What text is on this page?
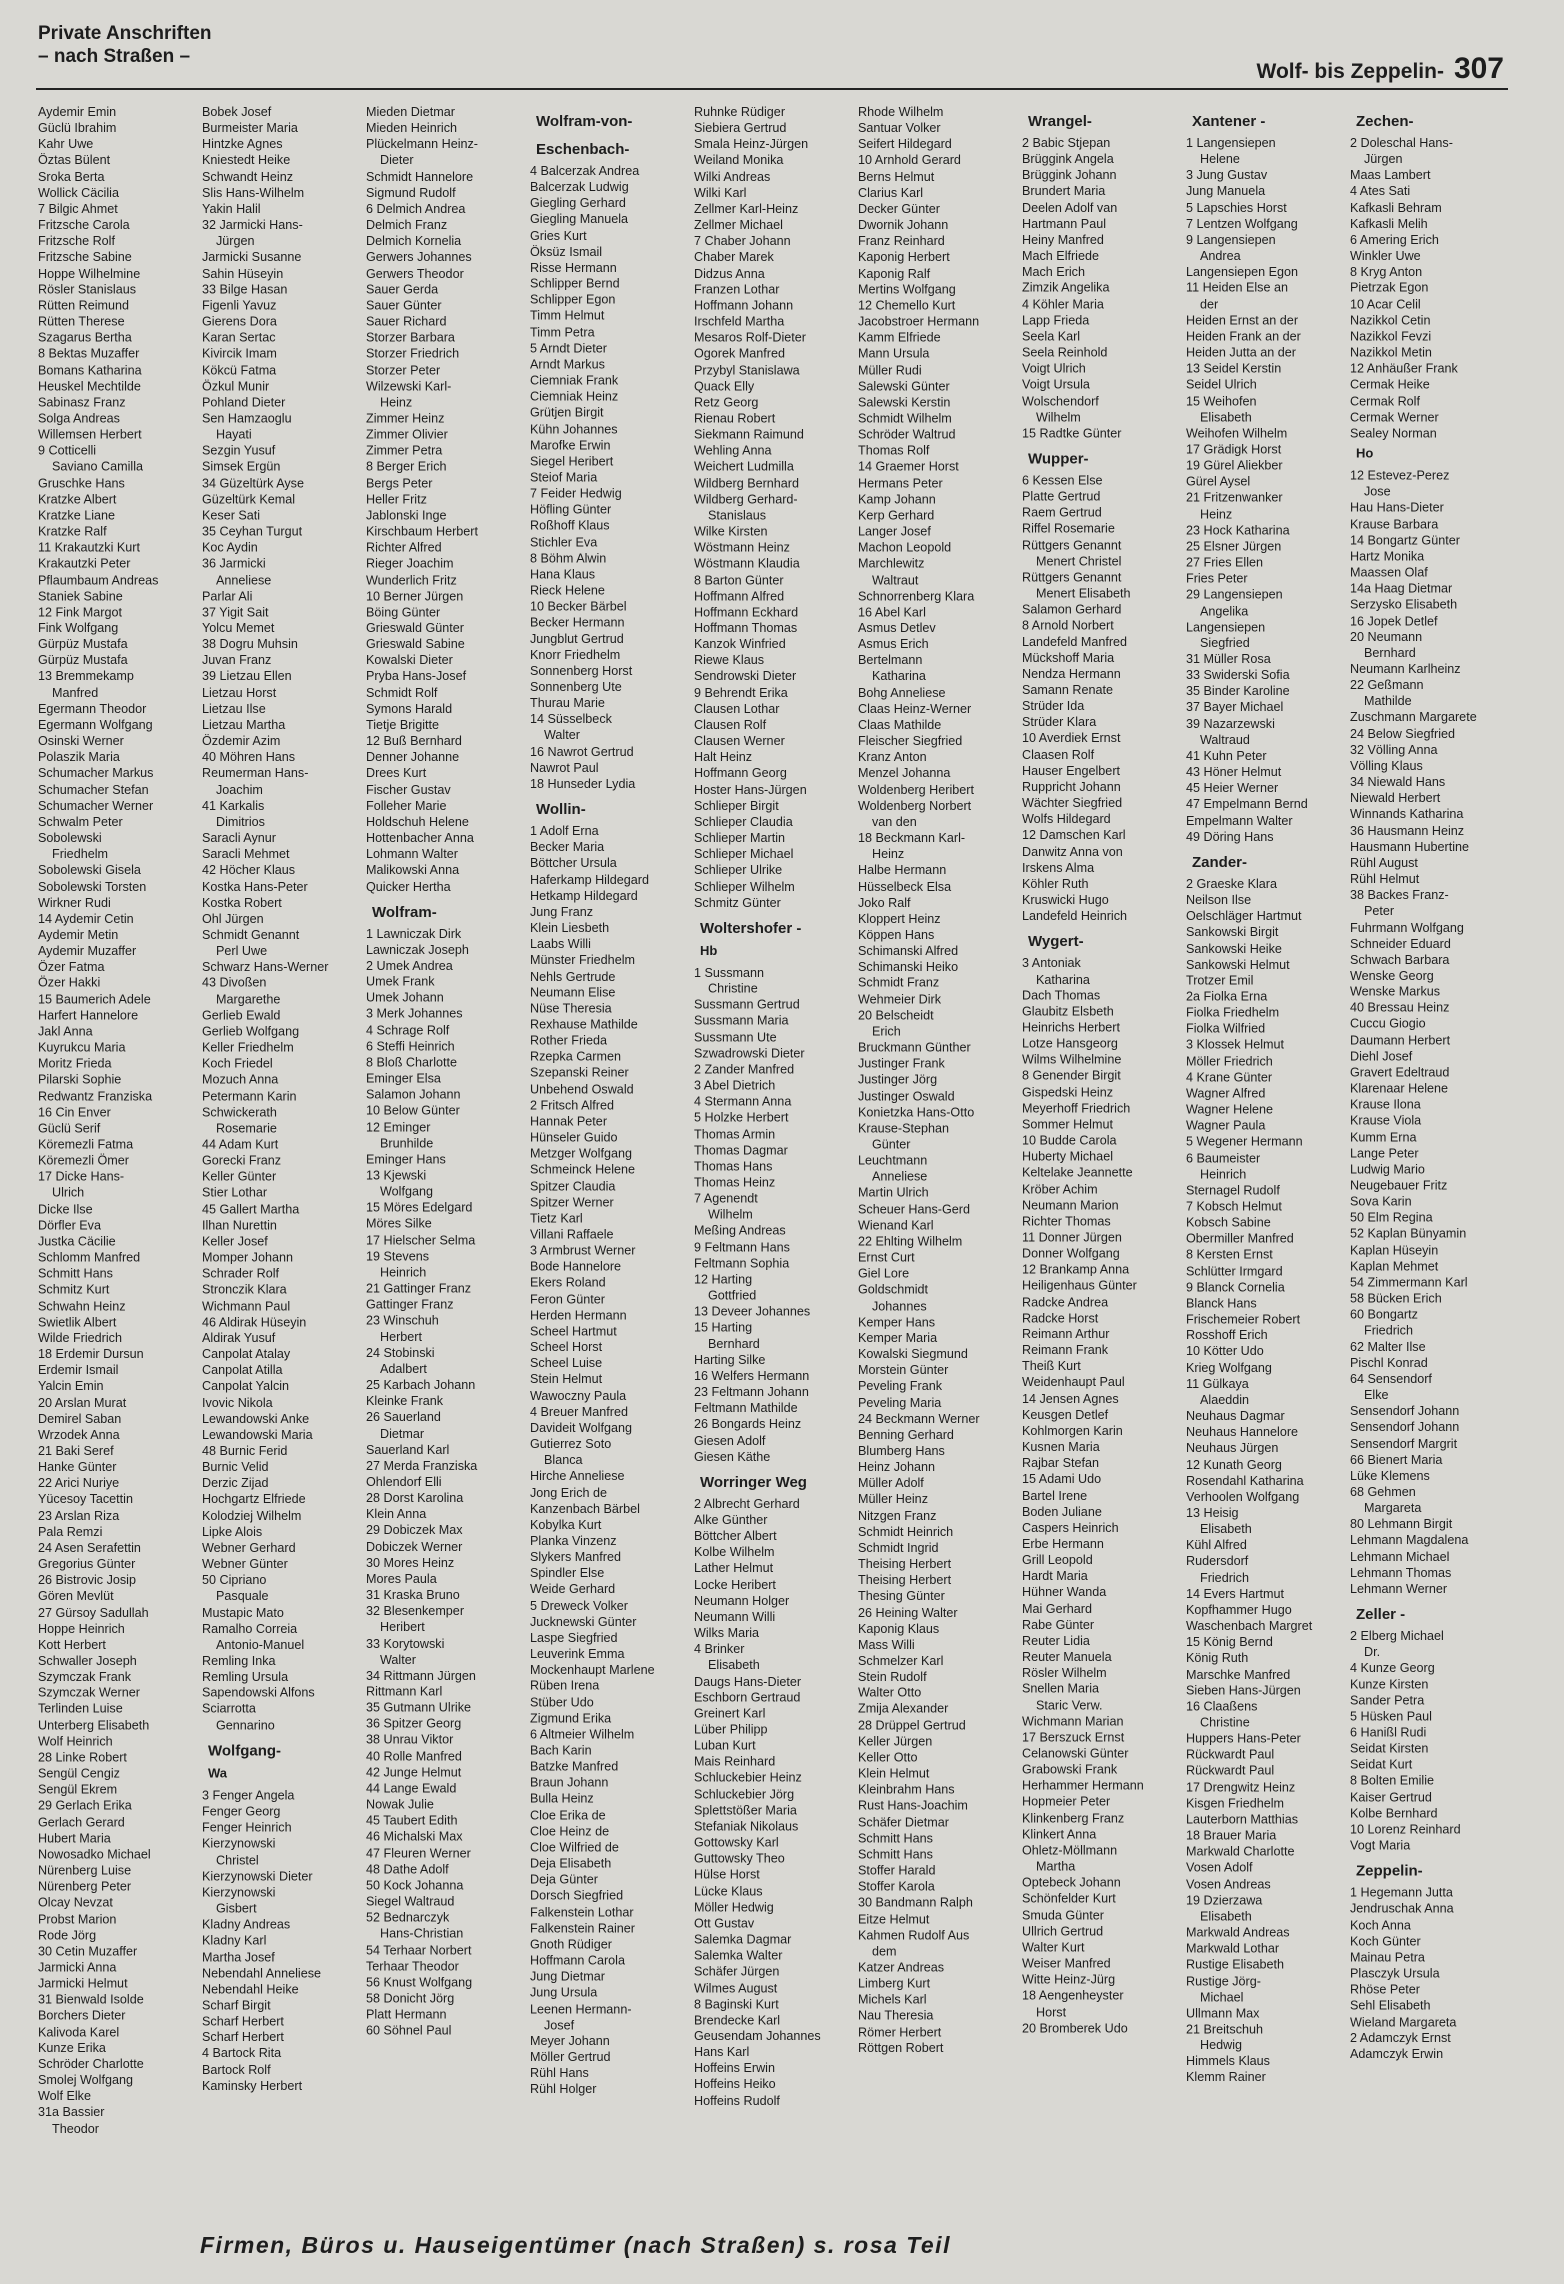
Private Anschriften
– nach Straßen –
Wolf- bis Zeppelin- 307
Aydemir Emin
Güclü Ibrahim
Kahr Uwe
Öztas Bülent
Sroka Berta
Wollick Cäcilia
7 Bilgic Ahmet
Fritzsche Carola
Fritzsche Rolf
Fritzsche Sabine
Hoppe Wilhelmine
Rösler Stanislaus
Rütten Reimund
Rütten Therese
Szagarus Bertha
8 Bektas Muzaffer
Bomans Katharina
Heuskel Mechtilde
Sabinasz Franz
Solga Andreas
Willemsen Herbert
9 Cotticelli
Saviano Camilla
Gruschke Hans
Kratzke Albert
Kratzke Liane
Kratzke Ralf
11 Krakautzki Kurt
Krakautzki Peter
Pflaumbaum Andreas
Staniek Sabine
12 Fink Margot
Fink Wolfgang
Gürpüz Mustafa
Gürpüz Mustafa
13 Bremmekamp
Manfred
Egermann Theodor
Egermann Wolfgang
Osinski Werner
Polaszik Maria
Schumacher Markus
Schumacher Stefan
Schumacher Werner
Schwalm Peter
Sobolewski
Friedhelm
Sobolewski Gisela
Sobolewski Torsten
Wirkner Rudi
14 Aydemir Cetin
Aydemir Metin
Aydemir Muzaffer
Özer Fatma
Özer Hakki
15 Baumerich Adele
Harfert Hannelore
Jakl Anna
Kuyrukcu Maria
Moritz Frieda
Pilarski Sophie
Redwantz Franziska
16 Cin Enver
Güclü Serif
Köremezli Fatma
Köremezli Ömer
17 Dicke Hans-
Ulrich
Dicke Ilse
Dörfler Eva
Justka Cäcilie
Schlomm Manfred
Schmitt Hans
Schmitz Kurt
Schwahn Heinz
Swietlik Albert
Wilde Friedrich
18 Erdemir Dursun
Erdemir Ismail
Yalcin Emin
20 Arslan Murat
Demirel Saban
Wrzodek Anna
21 Baki Seref
Hanke Günter
22 Arici Nuriye
Yücesoy Tacettin
23 Arslan Riza
Pala Remzi
24 Asen Serafettin
Gregorius Günter
26 Bistrovic Josip
Gören Mevlüt
27 Gürsoy Sadullah
Hoppe Heinrich
Kott Herbert
Schwaller Joseph
Szymczak Frank
Szymczak Werner
Terlinden Luise
Unterberg Elisabeth
Wolf Heinrich
28 Linke Robert
Sengül Cengiz
Sengül Ekrem
29 Gerlach Erika
Gerlach Gerard
Hubert Maria
Nowosadko Michael
Nürenberg Luise
Nürenberg Peter
Olcay Nevzat
Probst Marion
Rode Jörg
30 Cetin Muzaffer
Jarmicki Anna
Jarmicki Helmut
31 Bienwald Isolde
Borchers Dieter
Kalivoda Karel
Kunze Erika
Schröder Charlotte
Smolej Wolfgang
Wolf Elke
31a Bassier
Theodor
Bobek Josef
Burmeister Maria
Hintzke Agnes
Kniestedt Heike
Schwandt Heinz
Slis Hans-Wilhelm
Yakin Halil
32 Jarmicki Hans-
Jürgen
Jarmicki Susanne
Sahin Hüseyin
33 Bilge Hasan
Figenli Yavuz
Gierens Dora
Karan Sertac
Kivircik Imam
Kökcü Fatma
Özkul Munir
Pohland Dieter
Sen Hamzaoglu
Hayati
Sezgin Yusuf
Simsek Ergün
34 Güzeltürk Ayse
Güzeltürk Kemal
Keser Sati
35 Ceyhan Turgut
Koc Aydin
36 Jarmicki
Anneliese
Parlar Ali
37 Yigit Sait
Yolcu Memet
38 Dogru Muhsin
Juvan Franz
39 Lietzau Ellen
Lietzau Horst
Lietzau Ilse
Lietzau Martha
Özdemir Azim
40 Möhren Hans
Reumerman Hans-
Joachim
41 Karkalis
Dimitrios
Saracli Aynur
Saracli Mehmet
42 Höcher Klaus
Kostka Hans-Peter
Kostka Robert
Ohl Jürgen
Schmidt Genannt
Perl Uwe
Schwarz Hans-Werner
43 Divoßen
Margarethe
Gerlieb Ewald
Gerlieb Wolfgang
Keller Friedhelm
Koch Friedel
Mozuch Anna
Petermann Karin
Schwickerath
Rosemarie
44 Adam Kurt
Gorecki Franz
Keller Günter
Stier Lothar
45 Gallert Martha
Ilhan Nurettin
Keller Josef
Momper Johann
Schrader Rolf
Stronczik Klara
Wichmann Paul
46 Aldirak Hüseyin
Aldirak Yusuf
Canpolat Atalay
Canpolat Atilla
Canpolat Yalcin
Ivovic Nikola
Lewandowski Anke
Lewandowski Maria
48 Burnic Ferid
Burnic Velid
Derzic Zijad
Hochgartz Elfriede
Kolodziej Wilhelm
Lipke Alois
Webner Gerhard
Webner Günter
50 Cipriano
Pasquale
Mustapic Mato
Ramalho Correia
Antonio-Manuel
Remling Inka
Remling Ursula
Sapendowski Alfons
Sciarrotta
Gennarino
Wolfgang-
Wa
3 Fenger Angela
Fenger Georg
Fenger Heinrich
Kierzynowski
Christel
Kierzynowski Dieter
Kierzynowski
Gisbert
Kladny Andreas
Kladny Karl
Martha Josef
Nebendahl Anneliese
Nebendahl Heike
Scharf Birgit
Scharf Herbert
Scharf Herbert
4 Bartock Rita
Bartock Rolf
Kaminsky Herbert
Mieden Dietmar
Mieden Heinrich
Plückelmann Heinz-
Dieter
Schmidt Hannelore
Sigmund Rudolf
6 Delmich Andrea
Delmich Franz
Delmich Kornelia
Gerwers Johannes
Gerwers Theodor
Sauer Gerda
Sauer Günter
Sauer Richard
Storzer Barbara
Storzer Friedrich
Storzer Peter
Wilzewski Karl-
Heinz
Zimmer Heinz
Zimmer Olivier
Zimmer Petra
8 Berger Erich
Bergs Peter
Heller Fritz
Jablonski Inge
Kirschbaum Herbert
Richter Alfred
Rieger Joachim
Wunderlich Fritz
10 Berner Jürgen
Böing Günter
Grieswald Günter
Grieswald Sabine
Kowalski Dieter
Pryba Hans-Josef
Schmidt Rolf
Symons Harald
Tietje Brigitte
12 Buß Bernhard
Denner Johanne
Drees Kurt
Fischer Gustav
Folleher Marie
Holdschuh Helene
Hottenbacher Anna
Lohmann Walter
Malikowski Anna
Quicker Hertha
Wolfram-
1 Lawniczak Dirk
Lawniczak Joseph
2 Umek Andrea
Umek Frank
Umek Johann
3 Merk Johannes
4 Schrage Rolf
6 Steffi Heinrich
8 Bloß Charlotte
Eminger Elsa
Salamon Johann
10 Below Günter
12 Eminger
Brunhilde
Eminger Hans
13 Kjewski
Wolfgang
15 Möres Edelgard
Möres Silke
17 Hielscher Selma
19 Stevens
Heinrich
21 Gattinger Franz
Gattinger Franz
23 Winschuh
Herbert
24 Stobinski
Adalbert
25 Karbach Johann
Kleinke Frank
26 Sauerland
Dietmar
Sauerland Karl
27 Merda Franziska
Ohlendorf Elli
28 Dorst Karolina
Klein Anna
29 Dobiczek Max
Dobiczek Werner
30 Mores Heinz
Mores Paula
31 Kraska Bruno
32 Blesenkemper
Heribert
33 Korytowski
Walter
34 Rittmann Jürgen
Rittmann Karl
35 Gutmann Ulrike
36 Spitzer Georg
38 Unrau Viktor
40 Rolle Manfred
42 Junge Helmut
44 Lange Ewald
Nowak Julie
45 Taubert Edith
46 Michalski Max
47 Fleuren Werner
48 Dathe Adolf
50 Kock Johanna
Siegel Waltraud
52 Bednarczyk
Hans-Christian
54 Terhaar Norbert
Terhaar Theodor
56 Knust Wolfgang
58 Donicht Jörg
Platt Hermann
60 Söhnel Paul
Wolfram-von-
Eschenbach-
4 Balcerzak Andrea
Balcerzak Ludwig
Giegling Gerhard
Giegling Manuela
Gries Kurt
Öksüz Ismail
Risse Hermann
Schlipper Bernd
Schlipper Egon
Timm Helmut
Timm Petra
5 Arndt Dieter
Arndt Markus
Ciemniak Frank
Ciemniak Heinz
Grütjen Birgit
Kühn Johannes
Marofke Erwin
Siegel Heribert
Steiof Maria
7 Feider Hedwig
Höfling Günter
Roßhoff Klaus
Stichler Eva
8 Böhm Alwin
Hana Klaus
Rieck Helene
10 Becker Bärbel
Becker Hermann
Jungblut Gertrud
Knorr Friedhelm
Sonnenberg Horst
Sonnenberg Ute
Thurau Marie
14 Süsselbeck
Walter
16 Nawrot Gertrud
Nawrot Paul
18 Hunseder Lydia
Wollin-
1 Adolf Erna
Becker Maria
Böttcher Ursula
Haferkamp Hildegard
Hetkamp Hildegard
Jung Franz
Klein Liesbeth
Laabs Willi
Münster Friedhelm
Nehls Gertrude
Neumann Elise
Nüse Theresia
Rexhause Mathilde
Rother Frieda
Rzepka Carmen
Szepanski Reiner
Unbehend Oswald
2 Fritsch Alfred
Hannak Peter
Hünseler Guido
Metzger Wolfgang
Schmeinck Helene
Spitzer Claudia
Spitzer Werner
Tietz Karl
Villani Raffaele
3 Armbrust Werner
Bode Hannelore
Ekers Roland
Feron Günter
Herden Hermann
Scheel Hartmut
Scheel Horst
Scheel Luise
Stein Helmut
Wawoczny Paula
4 Breuer Manfred
Davideit Wolfgang
Gutierrez Soto
Blanca
Hirche Anneliese
Jong Erich de
Kanzenbach Bärbel
Kobylka Kurt
Planka Vinzenz
Slykers Manfred
Spindler Else
Weide Gerhard
5 Dreweck Volker
Jucknewski Günter
Laspe Siegfried
Leuverink Emma
Mockenhaupt Marlene
Rüben Irena
Stüber Udo
Zigmund Erika
6 Altmeier Wilhelm
Bach Karin
Batzke Manfred
Braun Johann
Bulla Heinz
Cloe Erika de
Cloe Heinz de
Cloe Wilfried de
Deja Elisabeth
Deja Günter
Dorsch Siegfried
Falkenstein Lothar
Falkenstein Rainer
Gnoth Rüdiger
Hoffmann Carola
Jung Dietmar
Jung Ursula
Leenen Hermann-
Josef
Meyer Johann
Möller Gertrud
Rühl Hans
Rühl Holger
Ruhnke Rüdiger
Siebiera Gertrud
Smala Heinz-Jürgen
Weiland Monika
Wilki Andreas
Wilki Karl
Zellmer Karl-Heinz
Zellmer Michael
7 Chaber Johann
Chaber Marek
Didzus Anna
Franzen Lothar
Hoffmann Johann
Irschfeld Martha
Mesaros Rolf-Dieter
Ogorek Manfred
Przybyl Stanislawa
Quack Elly
Retz Georg
Rienau Robert
Siekmann Raimund
Wehling Anna
Weichert Ludmilla
Wildberg Bernhard
Wildberg Gerhard-
Stanislaus
Wilke Kirsten
Wöstmann Heinz
Wöstmann Klaudia
8 Barton Günter
Hoffmann Alfred
Hoffmann Eckhard
Hoffmann Thomas
Kanzok Winfried
Riewe Klaus
Sendrowski Dieter
9 Behrendt Erika
Clausen Lothar
Clausen Rolf
Clausen Werner
Halt Heinz
Hoffmann Georg
Hoster Hans-Jürgen
Schlieper Birgit
Schlieper Claudia
Schlieper Martin
Schlieper Michael
Schlieper Ulrike
Schlieper Wilhelm
Schmitz Günter
Woltershofer -
Hb
1 Sussmann
Christine
Sussmann Gertrud
Sussmann Maria
Sussmann Ute
Szwadrowski Dieter
2 Zander Manfred
3 Abel Dietrich
4 Stermann Anna
5 Holzke Herbert
Thomas Armin
Thomas Dagmar
Thomas Hans
Thomas Heinz
7 Agenendt
Wilhelm
Meßing Andreas
9 Feltmann Hans
Feltmann Sophia
12 Harting
Gottfried
13 Deveer Johannes
15 Harting
Bernhard
Harting Silke
16 Welfers Hermann
23 Feltmann Johann
Feltmann Mathilde
26 Bongards Heinz
Giesen Adolf
Giesen Käthe
Worringer Weg
2 Albrecht Gerhard
Alke Günther
Böttcher Albert
Kolbe Wilhelm
Lather Helmut
Locke Heribert
Neumann Holger
Neumann Willi
Wilks Maria
4 Brinker
Elisabeth
Daugs Hans-Dieter
Eschborn Gertraud
Greinert Karl
Lüber Philipp
Luban Kurt
Mais Reinhard
Schluckebier Heinz
Schluckebier Jörg
Splettstößer Maria
Stefaniak Nikolaus
Gottowsky Karl
Guttowsky Theo
Hülse Horst
Lücke Klaus
Möller Hedwig
Ott Gustav
Salemka Dagmar
Salemka Walter
Schäfer Jürgen
Wilmes August
8 Baginski Kurt
Brendecke Karl
Geusendam Johannes
Hans Karl
Hoffeins Erwin
Hoffeins Heiko
Hoffeins Rudolf
Rhode Wilhelm
Santuar Volker
Seifert Hildegard
10 Arnhold Gerard
Berns Helmut
Clarius Karl
Decker Günter
Dwornik Johann
Franz Reinhard
Kaponig Herbert
Kaponig Ralf
Mertins Wolfgang
12 Chemello Kurt
Jacobstroer Hermann
Kamm Elfriede
Mann Ursula
Müller Rudi
Salewski Günter
Salewski Kerstin
Schmidt Wilhelm
Schröder Waltrud
Thomas Rolf
14 Graemer Horst
Hermans Peter
Kamp Johann
Kerp Gerhard
Langer Josef
Machon Leopold
Marchlewitz
Waltraut
Schnorrenberg Klara
16 Abel Karl
Asmus Detlev
Asmus Erich
Bertelmann
Katharina
Bohg Anneliese
Claas Heinz-Werner
Claas Mathilde
Fleischer Siegfried
Kranz Anton
Menzel Johanna
Woldenberg Heribert
Woldenberg Norbert
van den
18 Beckmann Karl-
Heinz
Halbe Hermann
Hüsselbeck Elsa
Joko Ralf
Kloppert Heinz
Köppen Hans
Schimanski Alfred
Schimanski Heiko
Schmidt Franz
Wehmeier Dirk
20 Belscheidt
Erich
Bruckmann Günther
Justinger Frank
Justinger Jörg
Justinger Oswald
Konietzka Hans-Otto
Krause-Stephan
Günter
Leuchtmann
Anneliese
Martin Ulrich
Scheuer Hans-Gerd
Wienand Karl
22 Ehlting Wilhelm
Ernst Curt
Giel Lore
Goldschmidt
Johannes
Kemper Hans
Kemper Maria
Kowalski Siegmund
Morstein Günter
Peveling Frank
Peveling Maria
24 Beckmann Werner
Benning Gerhard
Blumberg Hans
Heinz Johann
Müller Adolf
Müller Heinz
Nitzgen Franz
Schmidt Heinrich
Schmidt Ingrid
Theising Herbert
Theising Herbert
Thesing Günter
26 Heining Walter
Kaponig Klaus
Mass Willi
Schmelzer Karl
Stein Rudolf
Walter Otto
Zmija Alexander
28 Drüppel Gertrud
Keller Jürgen
Keller Otto
Klein Helmut
Kleinbrahm Hans
Rust Hans-Joachim
Schäfer Dietmar
Schmitt Hans
Schmitt Hans
Stoffer Harald
Stoffer Karola
30 Bandmann Ralph
Eitze Helmut
Kahmen Rudolf Aus
dem
Katzer Andreas
Limberg Kurt
Michels Karl
Nau Theresia
Römer Herbert
Röttgen Robert
Wrangel-
2 Babic Stjepan
Brüggink Angela
Brüggink Johann
Brundert Maria
Deelen Adolf van
Hartmann Paul
Heiny Manfred
Mach Elfriede
Mach Erich
Zimzik Angelika
4 Köhler Maria
Lapp Frieda
Seela Karl
Seela Reinhold
Voigt Ulrich
Voigt Ursula
Wolschendorf
Wilhelm
15 Radtke Günter
Wupper-
6 Kessen Else
Platte Gertrud
Raem Gertrud
Riffel Rosemarie
Rüttgers Genannt
Menert Christel
Rüttgers Genannt
Menert Elisabeth
Salamon Gerhard
8 Arnold Norbert
Landefeld Manfred
Mückshoff Maria
Nendza Hermann
Samann Renate
Strüder Ida
Strüder Klara
10 Averdiek Ernst
Claasen Rolf
Hauser Engelbert
Ruppricht Johann
Wächter Siegfried
Wolfs Hildegard
12 Damschen Karl
Danwitz Anna von
Irskens Alma
Köhler Ruth
Kruswicki Hugo
Landefeld Heinrich
Wygert-
3 Antoniak
Katharina
Dach Thomas
Glaubitz Elsbeth
Heinrichs Herbert
Lotze Hansgeorg
Wilms Wilhelmine
8 Genender Birgit
Gispedski Heinz
Meyerhoff Friedrich
Sommer Helmut
10 Budde Carola
Huberty Michael
Keltelake Jeannette
Kröber Achim
Neumann Marion
Richter Thomas
11 Donner Jürgen
Donner Wolfgang
12 Brankamp Anna
Heiligenhaus Günter
Radcke Andrea
Radcke Horst
Reimann Arthur
Reimann Frank
Theiß Kurt
Weidenhaupt Paul
14 Jensen Agnes
Keusgen Detlef
Kohlmorgen Karin
Kusnen Maria
Rajbar Stefan
15 Adami Udo
Bartel Irene
Boden Juliane
Caspers Heinrich
Erbe Hermann
Grill Leopold
Hardt Maria
Hühner Wanda
Mai Gerhard
Rabe Günter
Reuter Lidia
Reuter Manuela
Rösler Wilhelm
Snellen Maria
Staric Verw.
Wichmann Marian
17 Berszuck Ernst
Celanowski Günter
Grabowski Frank
Herhammer Hermann
Hopmeier Peter
Klinkenberg Franz
Klinkert Anna
Ohletz-Möllmann
Martha
Optebeck Johann
Schönfelder Kurt
Smuda Günter
Ullrich Gertrud
Walter Kurt
Weiser Manfred
Witte Heinz-Jürg
18 Aengenheyster
Horst
20 Bromberek Udo
Xantener -
1 Langensiepen
Helene
3 Jung Gustav
Jung Manuela
5 Lapschies Horst
7 Lentzen Wolfgang
9 Langensiepen
Andrea
Langensiepen Egon
11 Heiden Else an
der
Heiden Ernst an der
Heiden Frank an der
Heiden Jutta an der
13 Seidel Kerstin
Seidel Ulrich
15 Weihofen
Elisabeth
Weihofen Wilhelm
17 Grädigk Horst
19 Gürel Aliekber
Gürel Aysel
21 Fritzenwanker
Heinz
23 Hock Katharina
25 Elsner Jürgen
27 Fries Ellen
Fries Peter
29 Langensiepen
Angelika
Langensiepen
Siegfried
31 Müller Rosa
33 Swiderski Sofia
35 Binder Karoline
37 Bayer Michael
39 Nazarzewski
Waltraud
41 Kuhn Peter
43 Höner Helmut
45 Heier Werner
47 Empelmann Bernd
Empelmann Walter
49 Döring Hans
Zander-
2 Graeske Klara
Neilson Ilse
Oelschläger Hartmut
Sankowski Birgit
Sankowski Heike
Sankowski Helmut
Trotzer Emil
2a Fiolka Erna
Fiolka Friedhelm
Fiolka Wilfried
3 Klossek Helmut
Möller Friedrich
4 Krane Günter
Wagner Alfred
Wagner Helene
Wagner Paula
5 Wegener Hermann
6 Baumeister
Heinrich
Sternagel Rudolf
7 Kobsch Helmut
Kobsch Sabine
Obermiller Manfred
8 Kersten Ernst
Schlütter Irmgard
9 Blanck Cornelia
Blanck Hans
Frischemeier Robert
Rosshoff Erich
10 Kötter Udo
Krieg Wolfgang
11 Gülkaya
Alaeddin
Neuhaus Dagmar
Neuhaus Hannelore
Neuhaus Jürgen
12 Kunath Georg
Rosendahl Katharina
Verhoolen Wolfgang
13 Heisig
Elisabeth
Kühl Alfred
Rudersdorf
Friedrich
14 Evers Hartmut
Kopfhammer Hugo
Waschenbach Margret
15 König Bernd
König Ruth
Marschke Manfred
Sieben Hans-Jürgen
16 Claaßens
Christine
Huppers Hans-Peter
Rückwardt Paul
Rückwardt Paul
17 Drengwitz Heinz
Kisgen Friedhelm
Lauterborn Matthias
18 Brauer Maria
Markwald Charlotte
Vosen Adolf
Vosen Andreas
19 Dzierzawa
Elisabeth
Markwald Andreas
Markwald Lothar
Rustige Elisabeth
Rustige Jörg-
Michael
Ullmann Max
21 Breitschuh
Hedwig
Himmels Klaus
Klemm Rainer
Zechen-
2 Doleschal Hans-
Jürgen
Maas Lambert
4 Ates Sati
Kafkasli Behram
Kafkasli Melih
6 Amering Erich
Winkler Uwe
8 Kryg Anton
Pietrzak Egon
10 Acar Celil
Nazikkol Cetin
Nazikkol Fevzi
Nazikkol Metin
12 Anhäußer Frank
Cermak Heike
Cermak Rolf
Cermak Werner
Sealey Norman
Ho
12 Estevez-Perez
Jose
Hau Hans-Dieter
Krause Barbara
14 Bongartz Günter
Hartz Monika
Maassen Olaf
14a Haag Dietmar
Serzysko Elisabeth
16 Jopek Detlef
20 Neumann
Bernhard
Neumann Karlheinz
22 Geßmann
Mathilde
Zuschmann Margarete
24 Below Siegfried
32 Völling Anna
Völling Klaus
34 Niewald Hans
Niewald Herbert
Winnands Katharina
36 Hausmann Heinz
Hausmann Hubertine
Rühl August
Rühl Helmut
38 Backes Franz-
Peter
Fuhrmann Wolfgang
Schneider Eduard
Schwach Barbara
Wenske Georg
Wenske Markus
40 Bressau Heinz
Cuccu Giogio
Daumann Herbert
Diehl Josef
Gravert Edeltraud
Klarenaar Helene
Krause Ilona
Krause Viola
Kumm Erna
Lange Peter
Ludwig Mario
Neugebauer Fritz
Sova Karin
50 Elm Regina
52 Kaplan Bünyamin
Kaplan Hüseyin
Kaplan Mehmet
54 Zimmermann Karl
58 Bücken Erich
60 Bongartz
Friedrich
62 Malter Ilse
Pischl Konrad
64 Sensendorf
Elke
Sensendorf Johann
Sensendorf Johann
Sensendorf Margrit
66 Bienert Maria
Lüke Klemens
68 Gehmen
Margareta
80 Lehmann Birgit
Lehmann Magdalena
Lehmann Michael
Lehmann Thomas
Lehmann Werner
Zeller -
2 Elberg Michael
Dr.
4 Kunze Georg
Kunze Kirsten
Sander Petra
5 Hüsken Paul
6 Hanißl Rudi
Seidat Kirsten
Seidat Kurt
8 Bolten Emilie
Kaiser Gertrud
Kolbe Bernhard
10 Lorenz Reinhard
Vogt Maria
Zeppelin-
1 Hegemann Jutta
Jendruschak Anna
Koch Anna
Koch Günter
Mainau Petra
Plasczyk Ursula
Rhöse Peter
Sehl Elisabeth
Wieland Margareta
2 Adamczyk Ernst
Adamczyk Erwin
Firmen, Büros u. Hauseigentümer (nach Straßen) s. rosa Teil
